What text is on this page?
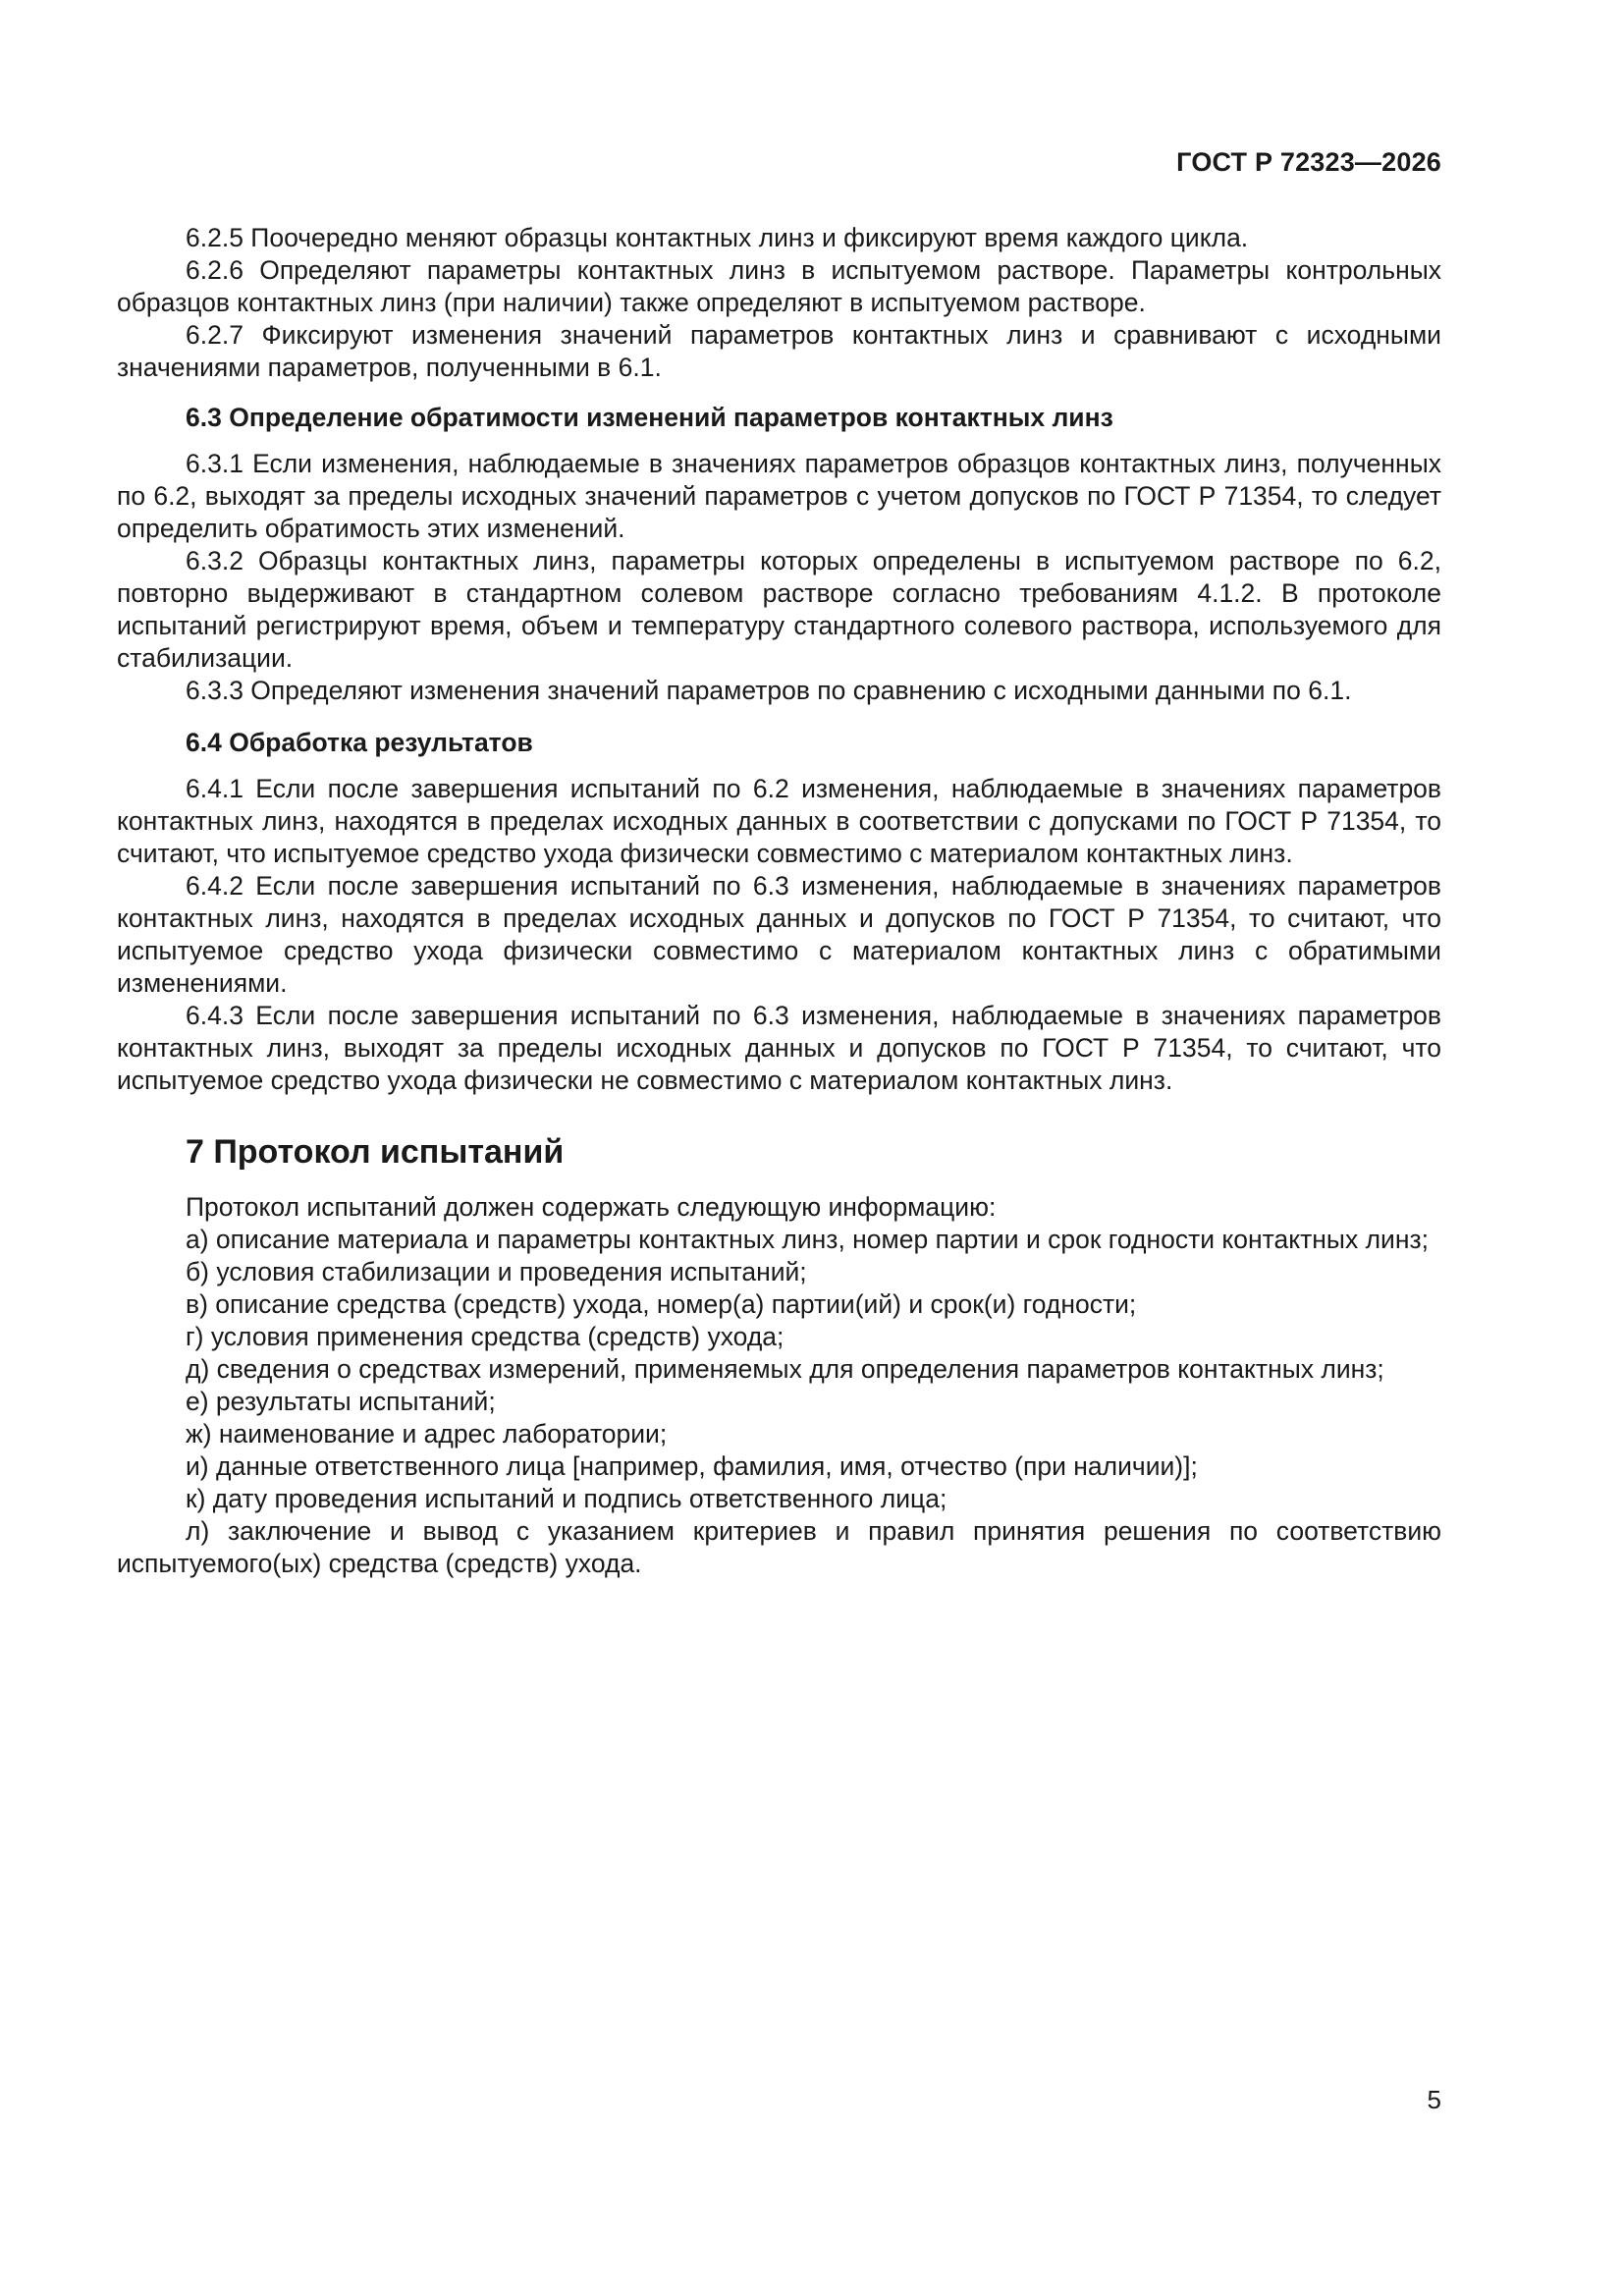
ГОСТ Р 72323—2026

6.2.5 Поочередно меняют образцы контактных линз и фиксируют время каждого цикла.

6.2.6 Определяют параметры контактных линз в испытуемом растворе. Параметры контрольных образцов контактных линз (при наличии) также определяют в испытуемом растворе.

6.2.7 Фиксируют изменения значений параметров контактных линз и сравнивают с исходными значениями параметров, полученными в 6.1.

6.3 Определение обратимости изменений параметров контактных линз

6.3.1 Если изменения, наблюдаемые в значениях параметров образцов контактных линз, полученных по 6.2, выходят за пределы исходных значений параметров с учетом допусков по ГОСТ Р 71354, то следует определить обратимость этих изменений.

6.3.2 Образцы контактных линз, параметры которых определены в испытуемом растворе по 6.2, повторно выдерживают в стандартном солевом растворе согласно требованиям 4.1.2. В протоколе испытаний регистрируют время, объем и температуру стандартного солевого раствора, используемого для стабилизации.

6.3.3 Определяют изменения значений параметров по сравнению с исходными данными по 6.1.

6.4 Обработка результатов

6.4.1 Если после завершения испытаний по 6.2 изменения, наблюдаемые в значениях параметров контактных линз, находятся в пределах исходных данных в соответствии с допусками по ГОСТ Р 71354, то считают, что испытуемое средство ухода физически совместимо с материалом контактных линз.

6.4.2 Если после завершения испытаний по 6.3 изменения, наблюдаемые в значениях параметров контактных линз, находятся в пределах исходных данных и допусков по ГОСТ Р 71354, то считают, что испытуемое средство ухода физически совместимо с материалом контактных линз с обратимыми изменениями.

6.4.3 Если после завершения испытаний по 6.3 изменения, наблюдаемые в значениях параметров контактных линз, выходят за пределы исходных данных и допусков по ГОСТ Р 71354, то считают, что испытуемое средство ухода физически не совместимо с материалом контактных линз.

7 Протокол испытаний

Протокол испытаний должен содержать следующую информацию:

а) описание материала и параметры контактных линз, номер партии и срок годности контактных линз;

б) условия стабилизации и проведения испытаний;

в) описание средства (средств) ухода, номер(а) партии(ий) и срок(и) годности;

г) условия применения средства (средств) ухода;

д) сведения о средствах измерений, применяемых для определения параметров контактных линз;

е) результаты испытаний;

ж) наименование и адрес лаборатории;

и) данные ответственного лица [например, фамилия, имя, отчество (при наличии)];

к) дату проведения испытаний и подпись ответственного лица;

л) заключение и вывод с указанием критериев и правил принятия решения по соответствию испытуемого(ых) средства (средств) ухода.

5
